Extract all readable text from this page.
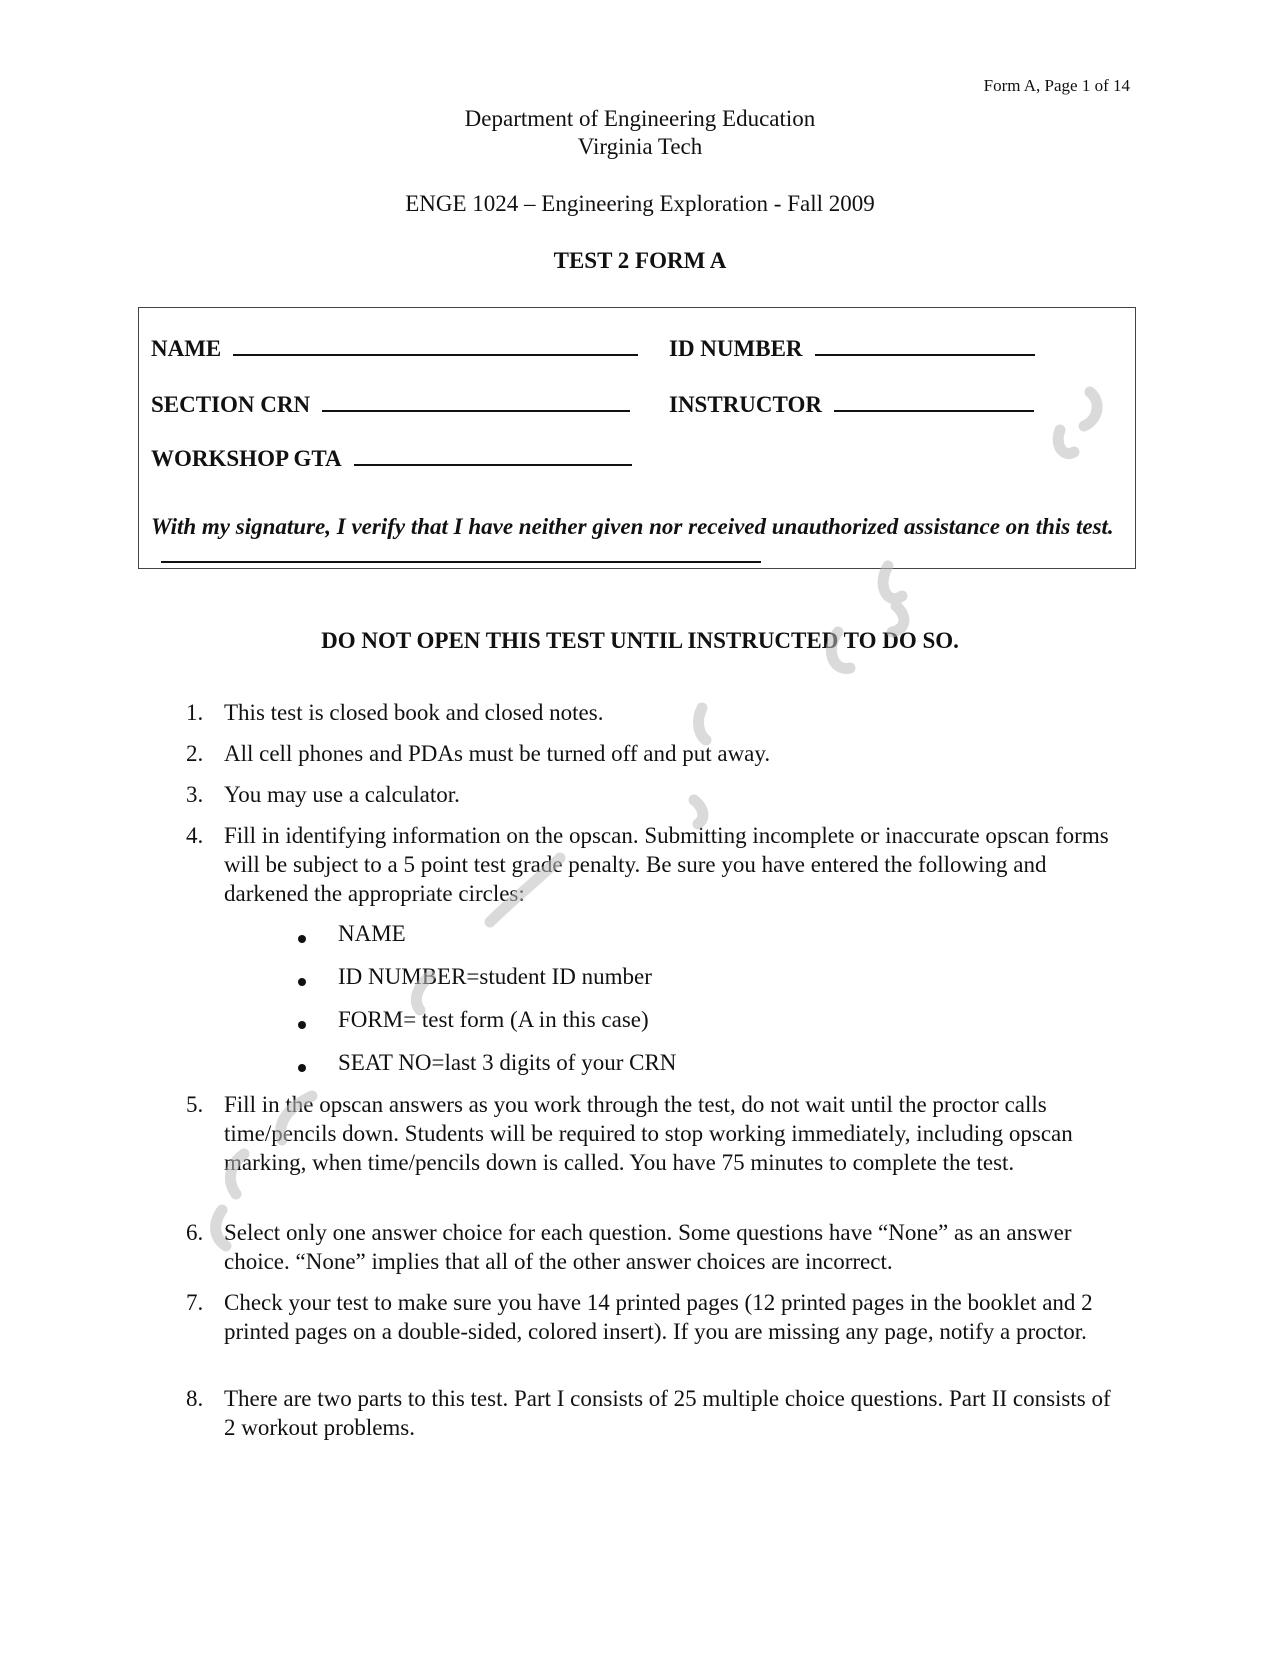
Form A, Page 1 of 14
Department of Engineering Education
Virginia Tech
ENGE 1024 – Engineering Exploration - Fall 2009
TEST 2 FORM A
NAME	ID NUMBER
SECTION CRN	INSTRUCTOR
WORKSHOP GTA
With my signature, I verify that I have neither given nor received unauthorized assistance on this test.
DO NOT OPEN THIS TEST UNTIL INSTRUCTED TO DO SO.
1. This test is closed book and closed notes.
2. All cell phones and PDAs must be turned off and put away.
3. You may use a calculator.
4. Fill in identifying information on the opscan. Submitting incomplete or inaccurate opscan forms will be subject to a 5 point test grade penalty. Be sure you have entered the following and darkened the appropriate circles:
NAME
ID NUMBER=student ID number
FORM= test form (A in this case)
SEAT NO=last 3 digits of your CRN
5. Fill in the opscan answers as you work through the test, do not wait until the proctor calls time/pencils down. Students will be required to stop working immediately, including opscan marking, when time/pencils down is called. You have 75 minutes to complete the test.
6. Select only one answer choice for each question. Some questions have “None” as an answer choice. “None” implies that all of the other answer choices are incorrect.
7. Check your test to make sure you have 14 printed pages (12 printed pages in the booklet and 2 printed pages on a double-sided, colored insert). If you are missing any page, notify a proctor.
8. There are two parts to this test. Part I consists of 25 multiple choice questions. Part II consists of 2 workout problems.
